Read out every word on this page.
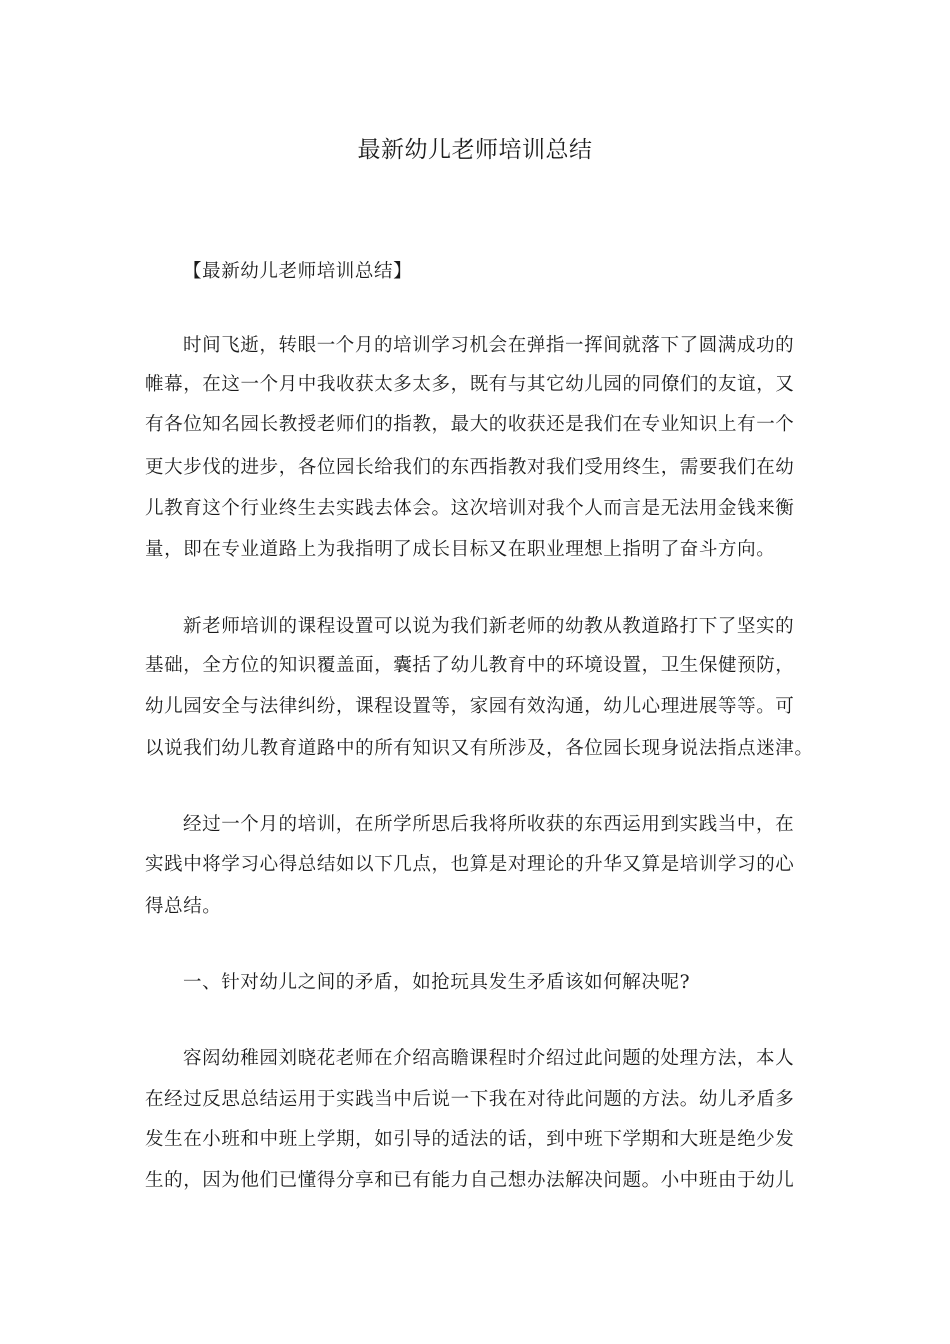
最新幼儿老师培训总结
【最新幼儿老师培训总结】
时间飞逝，转眼一个月的培训学习机会在弹指一挥间就落下了圆满成功的
帷幕，在这一个月中我收获太多太多，既有与其它幼儿园的同僚们的友谊，又
有各位知名园长教授老师们的指教，最大的收获还是我们在专业知识上有一个
更大步伐的进步，各位园长给我们的东西指教对我们受用终生，需要我们在幼
儿教育这个行业终生去实践去体会。这次培训对我个人而言是无法用金钱来衡
量，即在专业道路上为我指明了成长目标又在职业理想上指明了奋斗方向。
新老师培训的课程设置可以说为我们新老师的幼教从教道路打下了坚实的
基础，全方位的知识覆盖面，囊括了幼儿教育中的环境设置，卫生保健预防，
幼儿园安全与法律纠纷，课程设置等，家园有效沟通，幼儿心理进展等等。可
以说我们幼儿教育道路中的所有知识又有所涉及，各位园长现身说法指点迷津。
经过一个月的培训，在所学所思后我将所收获的东西运用到实践当中，在
实践中将学习心得总结如以下几点，也算是对理论的升华又算是培训学习的心
得总结。
一、针对幼儿之间的矛盾，如抢玩具发生矛盾该如何解决呢?
容闳幼稚园刘晓花老师在介绍高瞻课程时介绍过此问题的处理方法，本人
在经过反思总结运用于实践当中后说一下我在对待此问题的方法。幼儿矛盾多
发生在小班和中班上学期，如引导的适法的话，到中班下学期和大班是绝少发
生的，因为他们已懂得分享和已有能力自己想办法解决问题。小中班由于幼儿
